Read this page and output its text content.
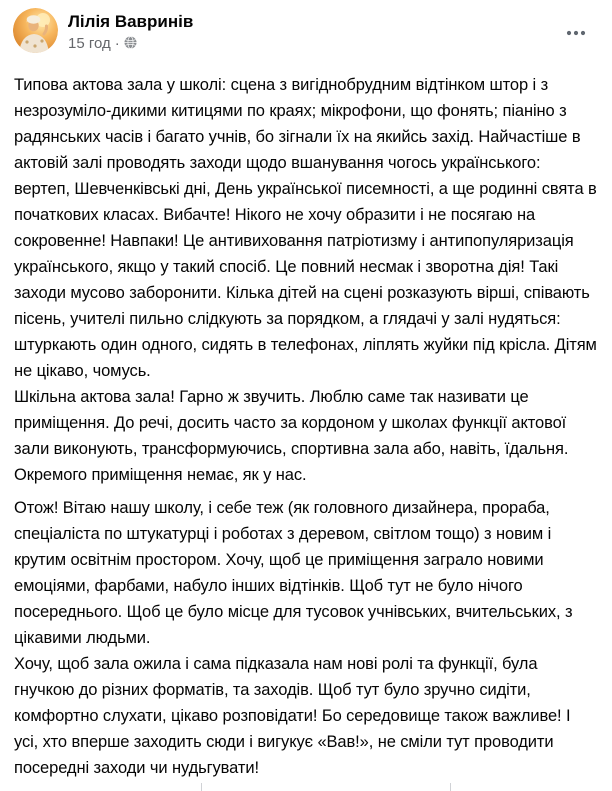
Лілія Вавринів
15 год ·

Типова актова зала у школі: сцена з вигіднобрудним відтінком штор і з незрозуміло-дикими китицями по краях; мікрофони, що фонять; піаніно з радянських часів і багато учнів, бо зігнали їх на якийсь захід. Найчастіше в актовій залі проводять заходи щодо вшанування чогось українського: вертеп, Шевченківські дні, День української писемності, а ще родинні свята в початкових класах. Вибачте! Нікого не хочу образити і не посягаю на сокровенне! Навпаки! Це антивиховання патріотизму і антипопуляризація українського, якщо у такий спосіб. Це повний несмак і зворотна дія! Такі заходи мусово заборонити. Кілька дітей на сцені розказують вірші, співають пісень, учителі пильно слідкують за порядком, а глядачі у залі нудяться: штуркають один одного, сидять в телефонах, ліплять жуйки під крісла. Дітям не цікаво, чомусь.

Шкільна актова зала! Гарно ж звучить. Люблю саме так називати це приміщення. До речі, досить часто за кордоном у школах функції актової зали виконують, трансформуючись, спортивна зала або, навіть, їдальня. Окремого приміщення немає, як у нас.

Отож! Вітаю нашу школу, і себе теж (як головного дизайнера, прораба, спеціаліста по штукатурці і роботах з деревом, світлом тощо) з новим і крутим освітнім простором. Хочу, щоб це приміщення заграло новими емоціями, фарбами, набуло інших відтінків. Щоб тут не було нічого посереднього. Щоб це було місце для тусовок учнівських, вчительських, з цікавими людьми.

Хочу, щоб зала ожила і сама підказала нам нові ролі та функції, була гнучкою до різних форматів, та заходів. Щоб тут було зручно сидіти, комфортно слухати, цікаво розповідати! Бо середовище також важливе! І усі, хто вперше заходить сюди і вигукує «Вав!», не сміли тут проводити посередні заходи чи нудьгувати!
